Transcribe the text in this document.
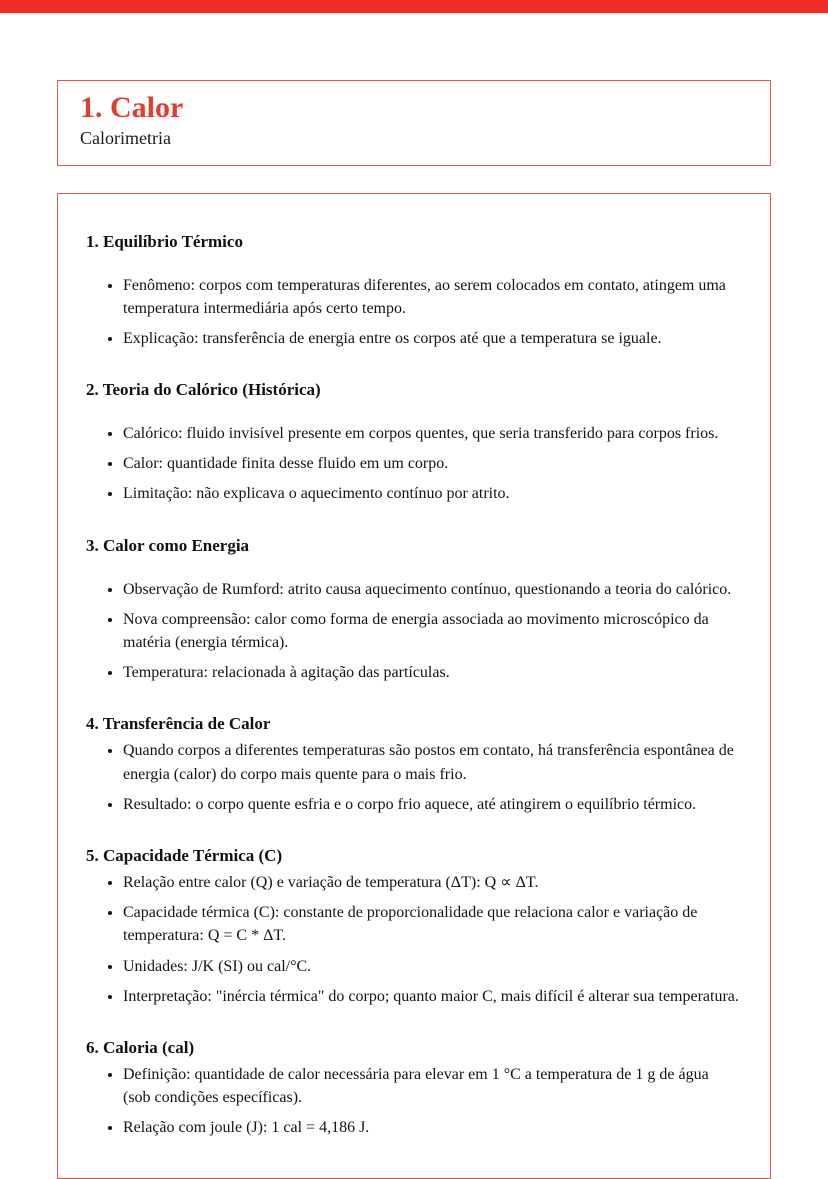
1. Calor
Calorimetria
1. Equilíbrio Térmico
• Fenômeno: corpos com temperaturas diferentes, ao serem colocados em contato, atingem uma temperatura intermediária após certo tempo.
• Explicação: transferência de energia entre os corpos até que a temperatura se iguale.
2. Teoria do Calórico (Histórica)
• Calórico: fluido invisível presente em corpos quentes, que seria transferido para corpos frios.
• Calor: quantidade finita desse fluido em um corpo.
• Limitação: não explicava o aquecimento contínuo por atrito.
3. Calor como Energia
• Observação de Rumford: atrito causa aquecimento contínuo, questionando a teoria do calórico.
• Nova compreensão: calor como forma de energia associada ao movimento microscópico da matéria (energia térmica).
• Temperatura: relacionada à agitação das partículas.
4. Transferência de Calor
• Quando corpos a diferentes temperaturas são postos em contato, há transferência espontânea de energia (calor) do corpo mais quente para o mais frio.
• Resultado: o corpo quente esfria e o corpo frio aquece, até atingirem o equilíbrio térmico.
5. Capacidade Térmica (C)
• Relação entre calor (Q) e variação de temperatura (ΔT): Q ∝ ΔT.
• Capacidade térmica (C): constante de proporcionalidade que relaciona calor e variação de temperatura: Q = C * ΔT.
• Unidades: J/K (SI) ou cal/°C.
• Interpretação: "inércia térmica" do corpo; quanto maior C, mais difícil é alterar sua temperatura.
6. Caloria (cal)
• Definição: quantidade de calor necessária para elevar em 1 °C a temperatura de 1 g de água (sob condições específicas).
• Relação com joule (J): 1 cal = 4,186 J.
